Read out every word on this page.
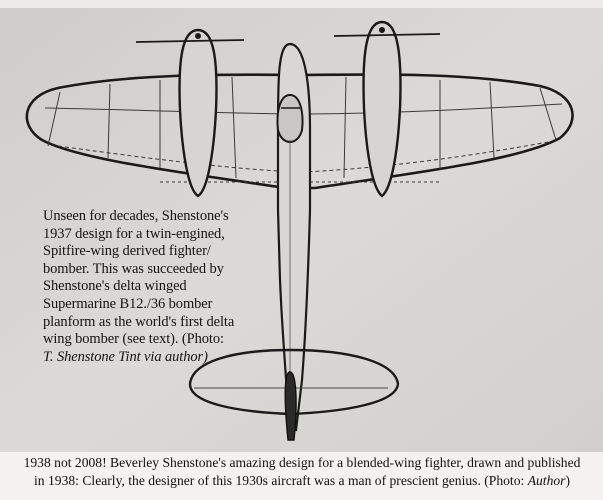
Unseen for decades, Shenstone's
1937 design for a twin-engined,
Spitfire-wing derived fighter/
bomber. This was succeeded by
Shenstone's delta winged
Supermarine B12./36 bomber
planform as the world's first delta
wing bomber (see text). (Photo:
T. Shenstone Tint via author)
1938 not 2008! Beverley Shenstone's amazing design for a blended-wing fighter, drawn and published
in 1938: Clearly, the designer of this 1930s aircraft was a man of prescient genius. (Photo: Author)
